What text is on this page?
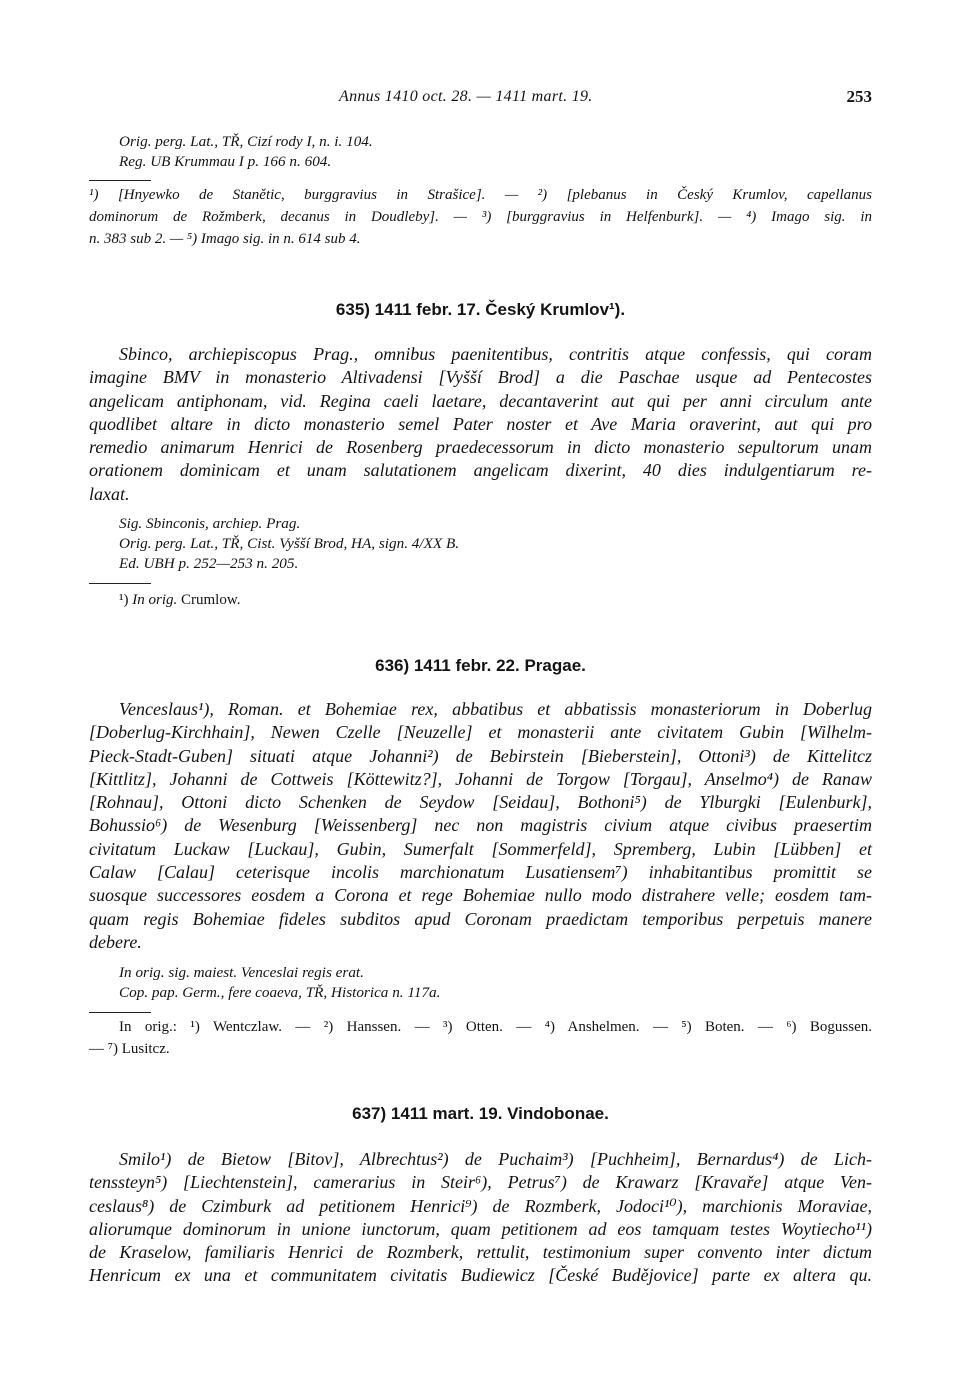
Annus 1410 oct. 28. — 1411 mart. 19.	253
Orig. perg. Lat., TŘ, Cizí rody I, n. i. 104.
Reg. UB Krummau I p. 166 n. 604.
¹) [Hnyewko de Stanětic, burggravius in Strašice]. — ²) [plebanus in Český Krumlov, capellanus
dominorum de Rožmberk, decanus in Doudleby]. — ³) [burggravius in Helfenburk]. — ⁴) Imago sig. in
n. 383 sub 2. — ⁵) Imago sig. in n. 614 sub 4.
635) 1411 febr. 17. Český Krumlov¹).
Sbinco, archiepiscopus Prag., omnibus paenitentibus, contritis atque confessis, qui coram
imagine BMV in monasterio Altivadensi [Vyšší Brod] a die Paschae usque ad Pentecostes
angelicam antiphonam, vid. Regina caeli laetare, decantaverint aut qui per anni circulum ante
quodlibet altare in dicto monasterio semel Pater noster et Ave Maria oraverint, aut qui pro
remedio animarum Henrici de Rosenberg praedecessorum in dicto monasterio sepultorum unam
orationem dominicam et unam salutationem angelicam dixerint, 40 dies indulgentiarum re-
laxat.
Sig. Sbinconis, archiep. Prag.
Orig. perg. Lat., TŘ, Cist. Vyšší Brod, HA, sign. 4/XX B.
Ed. UBH p. 252—253 n. 205.
¹) In orig. Crumlow.
636) 1411 febr. 22. Pragae.
Venceslaus¹), Roman. et Bohemiae rex, abbatibus et abbatissis monasteriorum in Doberlug
[Doberlug-Kirchhain], Newen Czelle [Neuzelle] et monasterii ante civitatem Gubin [Wilhelm-
Pieck-Stadt-Guben] situati atque Johanni²) de Bebirstein [Bieberstein], Ottoni³) de Kittelitcz
[Kittlitz], Johanni de Cottweis [Köttewitz?], Johanni de Torgow [Torgau], Anselmo⁴) de Ranaw
[Rohnau], Ottoni dicto Schenken de Seydow [Seidau], Bothoni⁵) de Ylburgki [Eulenburk],
Bohussio⁶) de Wesenburg [Weissenberg] nec non magistris civium atque civibus praesertim
civitatum Luckaw [Luckau], Gubin, Sumerfalt [Sommerfeld], Spremberg, Lubin [Lübben] et
Calaw [Calau] ceterisque incolis marchionatum Lusatiensem⁷) inhabitantibus promittit se
suosque successores eosdem a Corona et rege Bohemiae nullo modo distrahere velle; eosdem tam-
quam regis Bohemiae fideles subditos apud Coronam praedictam temporibus perpetuis manere
debere.
In orig. sig. maiest. Venceslai regis erat.
Cop. pap. Germ., fere coaeva, TŘ, Historica n. 117a.
In orig.: ¹) Wentczlaw. — ²) Hanssen. — ³) Otten. — ⁴) Anshelmen. — ⁵) Boten. — ⁶) Bogussen.
— ⁷) Lusitcz.
637) 1411 mart. 19. Vindobonae.
Smilo¹) de Bietow [Bitov], Albrechtus²) de Puchaim³) [Puchheim], Bernardus⁴) de Lich-
tenssteyn⁵) [Liechtenstein], camerarius in Steir⁶), Petrus⁷) de Krawarz [Kravaře] atque Ven-
ceslaus⁸) de Czimburk ad petitionem Henrici⁹) de Rozmberk, Jodoci¹⁰), marchionis Moraviae,
aliorumque dominorum in unione iunctorum, quam petitionem ad eos tamquam testes Woytiecho¹¹)
de Kraselow, familiaris Henrici de Rozmberk, rettulit, testimonium super convento inter dictum
Henricum ex una et communitatem civitatis Budiewicz [České Budějovice] parte ex altera qu.
